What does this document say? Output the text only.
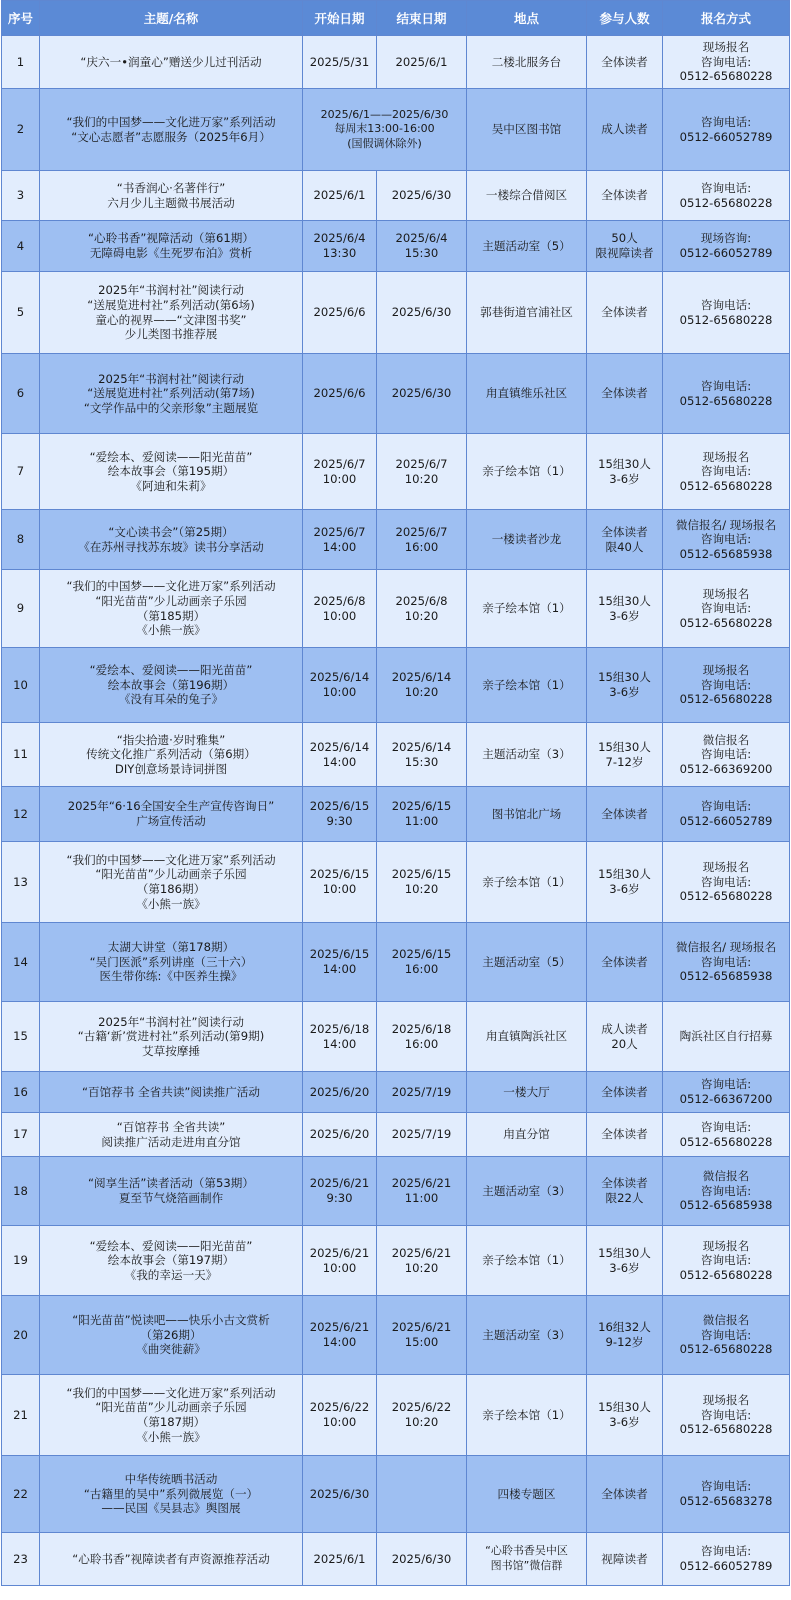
序号	主题/名称	开始日期	结束日期	地点	参与人数	报名方式
1	“庆六一•润童心”赠送少儿过刊活动	2025/5/31	2025/6/1	二楼北服务台	全体读者	现场报名
咨询电话:
0512-65680228

2	“我们的中国梦——文化进万家”系列活动
“文心志愿者”志愿服务（2025年6月）	2025/6/1——2025/6/30
每周末13:00-16:00
(国假调休除外)		吴中区图书馆	成人读者	咨询电话:
0512-66052789

3	“书香润心·名著伴行”
六月少儿主题微书展活动	2025/6/1	2025/6/30	一楼综合借阅区	全体读者	咨询电话:
0512-65680228

4	“心聆书香”视障活动（第61期）
无障碍电影《生死罗布泊》赏析	2025/6/4
13:30	2025/6/4
15:30	主题活动室（5）	50人
限视障读者	现场咨询:
0512-66052789

5	2025年“书润村社”阅读行动
“送展览进村社”系列活动(第6场)
童心的视界——“文津图书奖”
少儿类图书推荐展	2025/6/6	2025/6/30	郭巷街道官浦社区	全体读者	咨询电话:
0512-65680228

6	2025年“书润村社”阅读行动
“送展览进村社”系列活动(第7场)
“文学作品中的父亲形象”主题展览	2025/6/6	2025/6/30	甪直镇维乐社区	全体读者	咨询电话:
0512-65680228

7	“爱绘本、爱阅读——阳光苗苗”
绘本故事会（第195期）
《阿迪和朱莉》	2025/6/7
10:00	2025/6/7
10:20	亲子绘本馆（1）	15组30人
3-6岁	现场报名
咨询电话:
0512-65680228

8	“文心读书会”（第25期）
《在苏州寻找苏东坡》读书分享活动	2025/6/7
14:00	2025/6/7
16:00	一楼读者沙龙	全体读者
限40人	微信报名/ 现场报名
咨询电话:
0512-65685938

9	“我们的中国梦——文化进万家”系列活动
“阳光苗苗”少儿动画亲子乐园
（第185期）
《小熊一族》	2025/6/8
10:00	2025/6/8
10:20	亲子绘本馆（1）	15组30人
3-6岁	现场报名
咨询电话:
0512-65680228

10	“爱绘本、爱阅读——阳光苗苗”
绘本故事会（第196期）
《没有耳朵的兔子》	2025/6/14
10:00	2025/6/14
10:20	亲子绘本馆（1）	15组30人
3-6岁	现场报名
咨询电话:
0512-65680228

11	“指尖拾遗·岁时雅集”
传统文化推广系列活动（第6期）
DIY创意场景诗词拼图	2025/6/14
14:00	2025/6/14
15:30	主题活动室（3）	15组30人
7-12岁	微信报名
咨询电话:
0512-66369200

12	2025年“6·16全国安全生产宣传咨询日”
广场宣传活动	2025/6/15
9:30	2025/6/15
11:00	图书馆北广场	全体读者	咨询电话:
0512-66052789

13	“我们的中国梦——文化进万家”系列活动
“阳光苗苗”少儿动画亲子乐园
（第186期）
《小熊一族》	2025/6/15
10:00	2025/6/15
10:20	亲子绘本馆（1）	15组30人
3-6岁	现场报名
咨询电话:
0512-65680228

14	太湖大讲堂（第178期）
“吴门医派”系列讲座（三十六）
医生带你练:《中医养生操》	2025/6/15
14:00	2025/6/15
16:00	主题活动室（5）	全体读者	微信报名/ 现场报名
咨询电话:
0512-65685938

15	2025年“书润村社”阅读行动
“古籍‘新’赏进村社”系列活动(第9期)
艾草按摩捶	2025/6/18
14:00	2025/6/18
16:00	甪直镇陶浜社区	成人读者
20人	陶浜社区自行招募

16	“百馆荐书 全省共读”阅读推广活动	2025/6/20	2025/7/19	一楼大厅	全体读者	咨询电话:
0512-66367200

17	“百馆荐书 全省共读”
阅读推广活动走进甪直分馆	2025/6/20	2025/7/19	甪直分馆	全体读者	咨询电话:
0512-65680228

18	“阅享生活”读者活动（第53期）
夏至节气烧箔画制作	2025/6/21
9:30	2025/6/21
11:00	主题活动室（3）	全体读者
限22人	微信报名
咨询电话:
0512-65685938

19	“爱绘本、爱阅读——阳光苗苗”
绘本故事会（第197期）
《我的幸运一天》	2025/6/21
10:00	2025/6/21
10:20	亲子绘本馆（1）	15组30人
3-6岁	现场报名
咨询电话:
0512-65680228

20	“阳光苗苗”悦读吧——快乐小古文赏析
（第26期）
《曲突徙薪》	2025/6/21
14:00	2025/6/21
15:00	主题活动室（3）	16组32人
9-12岁	微信报名
咨询电话:
0512-65680228

21	“我们的中国梦——文化进万家”系列活动
“阳光苗苗”少儿动画亲子乐园
（第187期）
《小熊一族》	2025/6/22
10:00	2025/6/22
10:20	亲子绘本馆（1）	15组30人
3-6岁	现场报名
咨询电话:
0512-65680228

22	中华传统晒书活动
“古籍里的吴中”系列微展览（一）
——民国《吴县志》舆图展	2025/6/30		四楼专题区	全体读者	咨询电话:
0512-65683278

23	“心聆书香”视障读者有声资源推荐活动	2025/6/1	2025/6/30	“心聆书香吴中区
图书馆”微信群	视障读者	咨询电话:
0512-66052789
